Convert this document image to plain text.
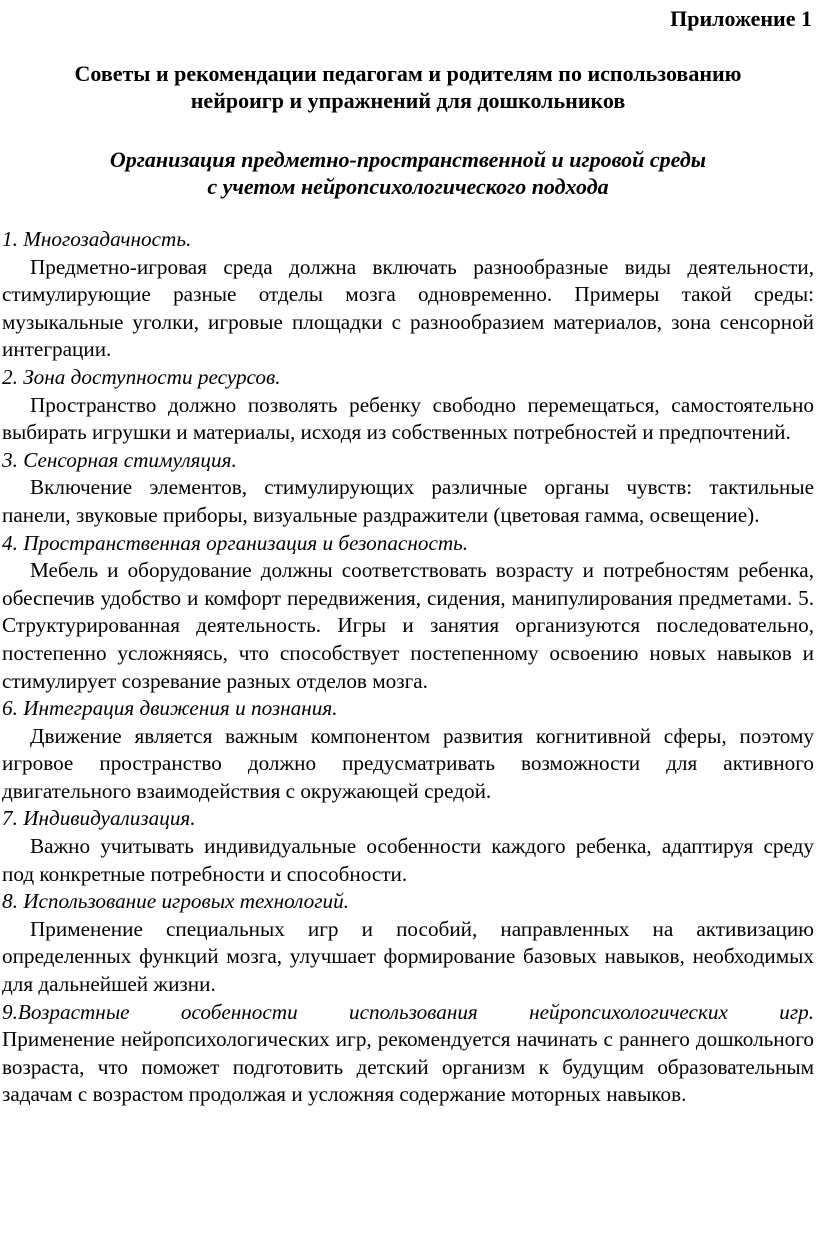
Приложение 1
Советы и рекомендации педагогам и родителям по использованию
нейроигр и упражнений для дошкольников
Организация предметно-пространственной и игровой среды
с учетом нейропсихологического подхода

1. Многозадачность.

Предметно-игровая среда должна включать разнообразные виды деятельности, стимулирующие разные отделы мозга одновременно. Примеры такой среды: музыкальные уголки, игровые площадки с разнообразием материалов, зона сенсорной интеграции.

2. Зона доступности ресурсов.

Пространство должно позволять ребенку свободно перемещаться, самостоятельно выбирать игрушки и материалы, исходя из собственных потребностей и предпочтений.

3. Сенсорная стимуляция.

Включение элементов, стимулирующих различные органы чувств: тактильные панели, звуковые приборы, визуальные раздражители (цветовая гамма, освещение).

4. Пространственная организация и безопасность.

Мебель и оборудование должны соответствовать возрасту и потребностям ребенка, обеспечив удобство и комфорт передвижения, сидения, манипулирования предметами. 5. Структурированная деятельность. Игры и занятия организуются последовательно, постепенно усложняясь, что способствует постепенному освоению новых навыков и стимулирует созревание разных отделов мозга.

6. Интеграция движения и познания.

Движение является важным компонентом развития когнитивной сферы, поэтому игровое пространство должно предусматривать возможности для активного двигательного взаимодействия с окружающей средой.

7. Индивидуализация.

Важно учитывать индивидуальные особенности каждого ребенка, адаптируя среду под конкретные потребности и способности.

8. Использование игровых технологий.

Применение специальных игр и пособий, направленных на активизацию определенных функций мозга, улучшает формирование базовых навыков, необходимых для дальнейшей жизни.

9.Возрастные особенности использования нейропсихологических игр.

Применение нейропсихологических игр, рекомендуется начинать с раннего дошкольного возраста, что поможет подготовить детский организм к будущим образовательным задачам с возрастом продолжая и усложняя содержание моторных навыков.
